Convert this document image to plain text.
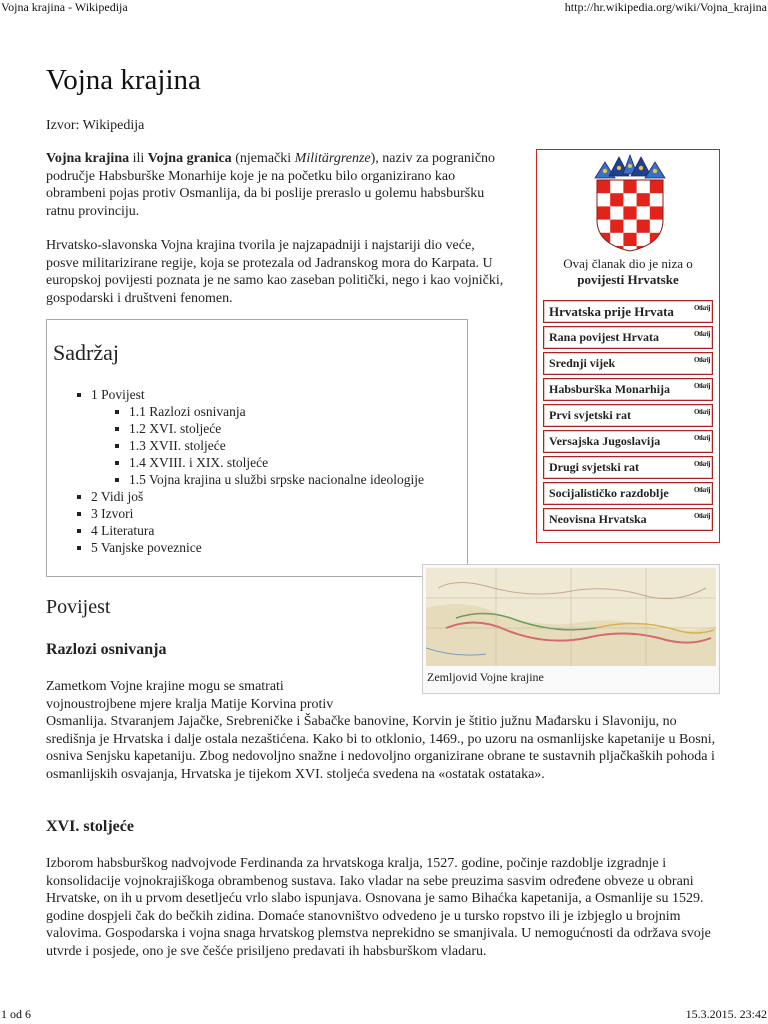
Vojna krajina - Wikipedija	http://hr.wikipedia.org/wiki/Vojna_krajina
1 od 6	15.3.2015. 23:42
Vojna krajina
Izvor: Wikipedija

Vojna krajina ili Vojna granica (njemački Militärgrenze), naziv za pogranično područje Habsburške Monarhije koje je na početku bilo organizirano kao obrambeni pojas protiv Osmanlija, da bi poslije preraslo u golemu habsburšku ratnu provinciju.

Hrvatsko-slavonska Vojna krajina tvorila je najzapadniji i najstariji dio veće, posve militarizirane regije, koja se protezala od Jadranskog mora do Karpata. U europskoj povijesti poznata je ne samo kao zaseban politički, nego i kao vojnički, gospodarski i društveni fenomen.

Ovaj članak dio je niza o
povijesti Hrvatske
Hrvatska prije Hrvata	Otkrij
Rana povijest Hrvata	Otkrij
Srednji vijek	Otkrij
Habsburška Monarhija	Otkrij
Prvi svjetski rat	Otkrij
Versajska Jugoslavija	Otkrij
Drugi svjetski rat	Otkrij
Socijalističko razdoblje	Otkrij
Neovisna Hrvatska	Otkrij
Sadržaj
1 Povijest
1.1 Razlozi osnivanja
1.2 XVI. stoljeće
1.3 XVII. stoljeće
1.4 XVIII. i XIX. stoljeće
1.5 Vojna krajina u službi srpske nacionalne ideologije
2 Vidi još
3 Izvori
4 Literatura
5 Vanjske poveznice
Zemljovid Vojne krajine
Povijest
Razlozi osnivanja

Zametkom Vojne krajine mogu se smatrati

vojnoustrojbene mjere kralja Matije Korvina protiv

Osmanlija. Stvaranjem Jajačke, Srebreničke i Šabačke banovine, Korvin je štitio južnu Mađarsku i Slavoniju, no središnja je Hrvatska i dalje ostala nezaštićena. Kako bi to otklonio, 1469., po uzoru na osmanlijske kapetanije u Bosni, osniva Senjsku kapetaniju. Zbog nedovoljno snažne i nedovoljno organizirane obrane te sustavnih pljačkaških pohoda i osmanlijskih osvajanja, Hrvatska je tijekom XVI. stoljeća svedena na «ostatak ostataka».

XVI. stoljeće

Izborom habsburškog nadvojvode Ferdinanda za hrvatskoga kralja, 1527. godine, počinje razdoblje izgradnje i konsolidacije vojnokrajiškoga obrambenog sustava. Iako vladar na sebe preuzima sasvim određene obveze u obrani Hrvatske, on ih u prvom desetljeću vrlo slabo ispunjava. Osnovana je samo Bihaćka kapetanija, a Osmanlije su 1529. godine dospjeli čak do bečkih zidina. Domaće stanovništvo odvedeno je u tursko ropstvo ili je izbjeglo u brojnim valovima. Gospodarska i vojna snaga hrvatskog plemstva neprekidno se smanjivala. U nemogućnosti da održava svoje utvrde i posjede, ono je sve češće prisiljeno predavati ih habsburškom vladaru.
